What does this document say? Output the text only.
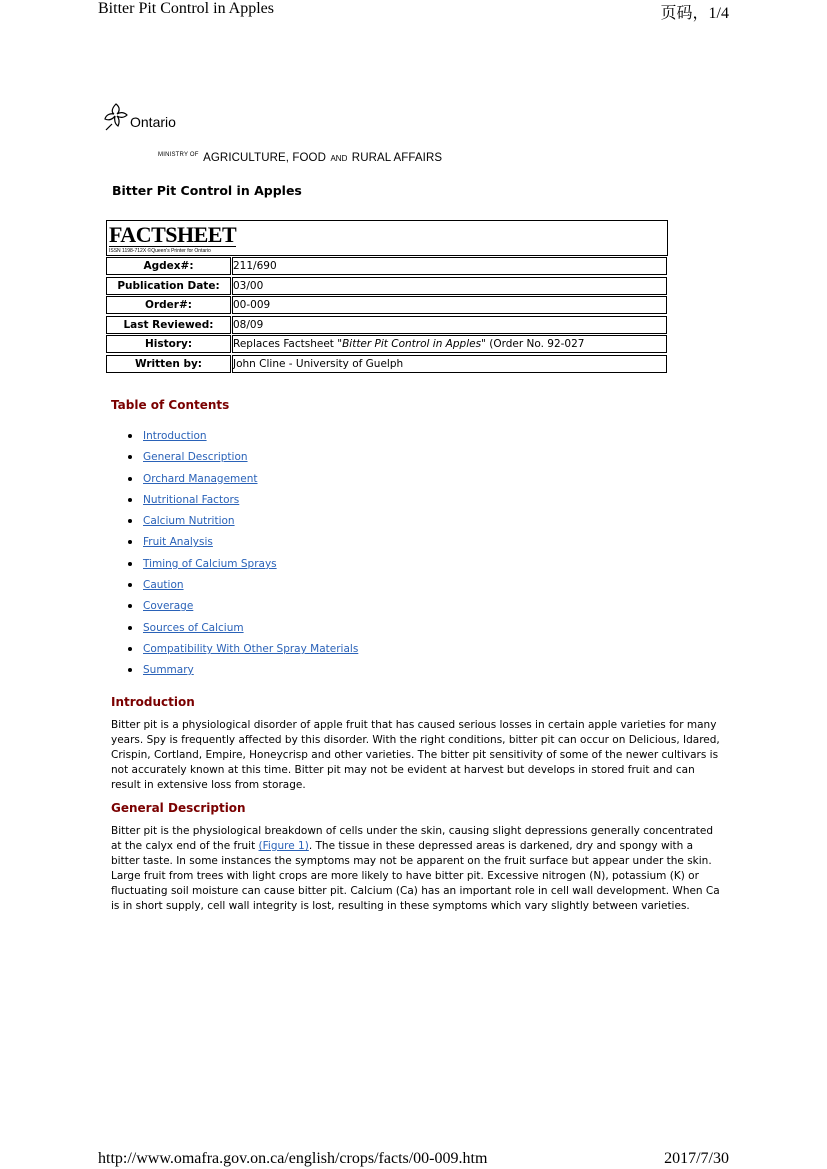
Bitter Pit Control in Apples	页码，1/4
Ontario
$^{MINISTRY OF}$ AGRICULTURE, FOOD AND RURAL AFFAIRS
Bitter Pit Control in Apples
FACTSHEET
ISSN 1198-712X ©Queen's Printer for Ontario
Agdex#:	211/690
Publication Date:	03/00
Order#:	00-009
Last Reviewed:	08/09
History:	Replaces Factsheet "Bitter Pit Control in Apples" (Order No. 92-027
Written by:	John Cline - University of Guelph
Table of Contents
Introduction
General Description
Orchard Management
Nutritional Factors
Calcium Nutrition
Fruit Analysis
Timing of Calcium Sprays
Caution
Coverage
Sources of Calcium
Compatibility With Other Spray Materials
Summary
Introduction
Bitter pit is a physiological disorder of apple fruit that has caused serious losses in certain apple varieties for many years. Spy is frequently affected by this disorder. With the right conditions, bitter pit can occur on Delicious, Idared, Crispin, Cortland, Empire, Honeycrisp and other varieties. The bitter pit sensitivity of some of the newer cultivars is not accurately known at this time. Bitter pit may not be evident at harvest but develops in stored fruit and can result in extensive loss from storage.
General Description
Bitter pit is the physiological breakdown of cells under the skin, causing slight depressions generally concentrated at the calyx end of the fruit (Figure 1). The tissue in these depressed areas is darkened, dry and spongy with a bitter taste. In some instances the symptoms may not be apparent on the fruit surface but appear under the skin. Large fruit from trees with light crops are more likely to have bitter pit. Excessive nitrogen (N), potassium (K) or fluctuating soil moisture can cause bitter pit. Calcium (Ca) has an important role in cell wall development. When Ca is in short supply, cell wall integrity is lost, resulting in these symptoms which vary slightly between varieties.
http://www.omafra.gov.on.ca/english/crops/facts/00-009.htm	2017/7/30
